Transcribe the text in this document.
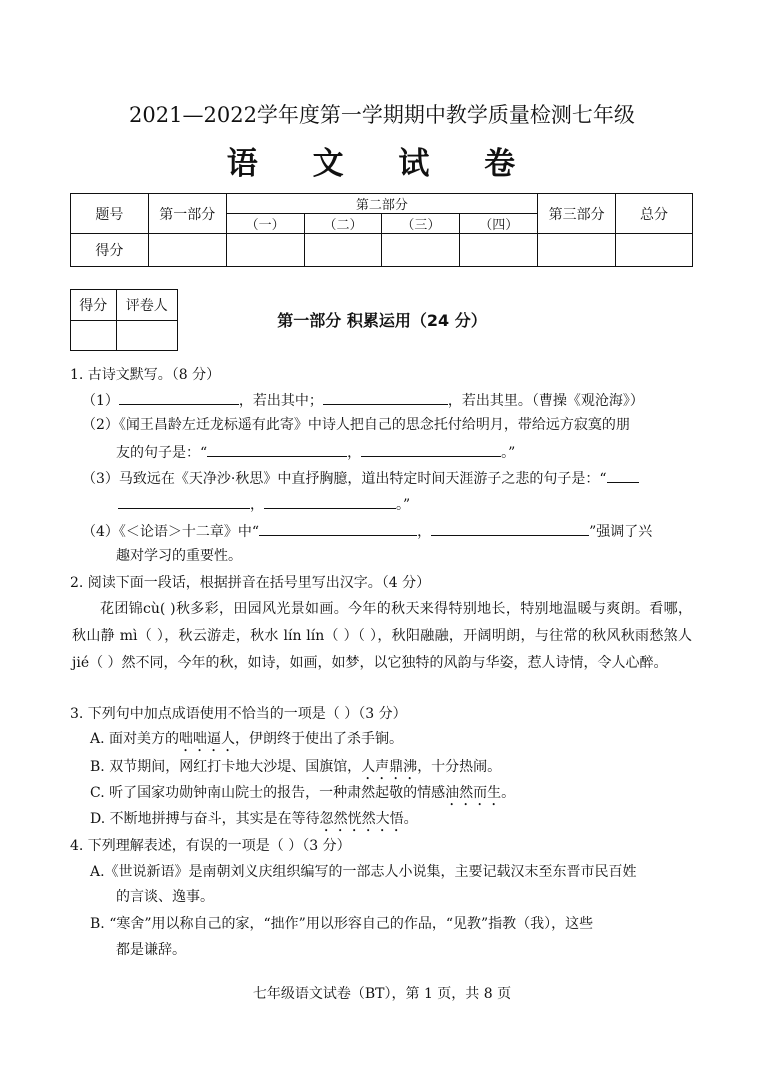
2021—2022学年度第一学期期中教学质量检测七年级
语 文 试 卷
题号	第一部分	第二部分				第三部分	总分
		（一）	（二）	（三）	（四）		
得分							
得分	评卷人

第一部分 积累运用（24 分）
1. 古诗文默写。（8 分）
（1）	，若出其中；	，若出其里。（曹操《观沧海》）
（2）《闻王昌龄左迁龙标遥有此寄》中诗人把自己的思念托付给明月，带给远方寂寞的朋
友的句子是：“	，	。”
（3）马致远在《天净沙·秋思》中直抒胸臆，道出特定时间天涯游子之悲的句子是：“
，	。”
（4）《＜论语＞十二章》中“	，	”强调了兴
趣对学习的重要性。
2. 阅读下面一段话，根据拼音在括号里写出汉字。（4 分）
花团锦cù( )秋多彩，田园风光景如画。今年的秋天来得特别地长，特别地温暖与爽朗。看哪，秋山静 mì（ ），秋云游走，秋水 lín lín（ ）（ ），秋阳融融，开阔明朗，与往常的秋风秋雨愁煞人 jié（ ）然不同，今年的秋，如诗，如画，如梦，以它独特的风韵与华姿，惹人诗情，令人心醉。
3. 下列句中加点成语使用不恰当的一项是（ ）（3 分）
A. 面对美方的咄咄逼人，伊朗终于使出了杀手锏。
B. 双节期间，网红打卡地大沙堤、国旗馆，人声鼎沸，十分热闹。
C. 听了国家功勋钟南山院士的报告，一种肃然起敬的情感油然而生。
D. 不断地拼搏与奋斗，其实是在等待忽然恍然大悟。
4. 下列理解表述，有误的一项是（ ）（3 分）
A.《世说新语》是南朝刘义庆组织编写的一部志人小说集，主要记载汉末至东晋市民百姓
的言谈、逸事。
B. “寒舍”用以称自己的家，“拙作”用以形容自己的作品，“见教”指教（我），这些
都是谦辞。
七年级语文试卷（BT），第 1 页，共 8 页
